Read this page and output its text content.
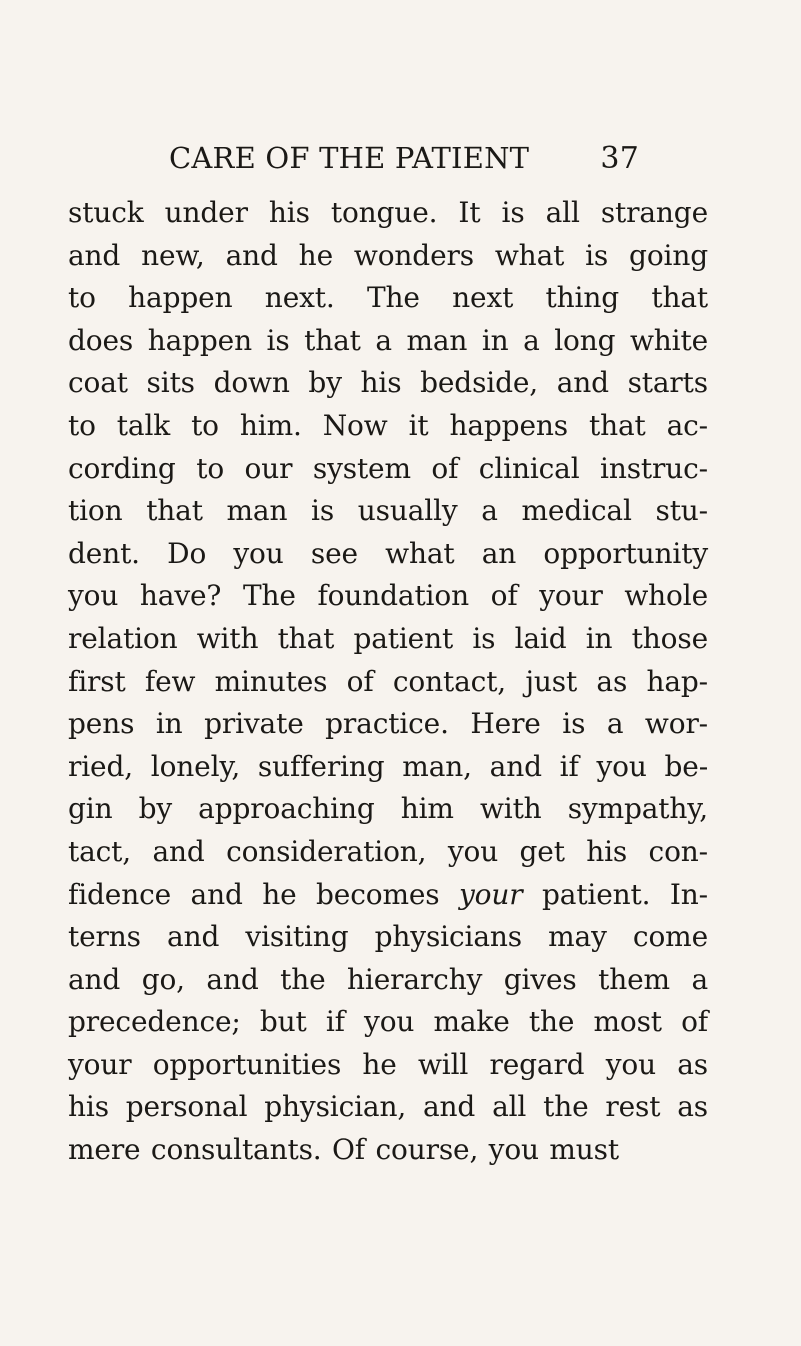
CARE OF THE PATIENT 37
stuck under his tongue. It is all strange
and new, and he wonders what is going
to happen next. The next thing that
does happen is that a man in a long white
coat sits down by his bedside, and starts
to talk to him. Now it happens that ac-
cording to our system of clinical instruc-
tion that man is usually a medical stu-
dent. Do you see what an opportunity
you have? The foundation of your whole
relation with that patient is laid in those
first few minutes of contact, just as hap-
pens in private practice. Here is a wor-
ried, lonely, suffering man, and if you be-
gin by approaching him with sympathy,
tact, and consideration, you get his con-
fidence and he becomes your patient. In-
terns and visiting physicians may come
and go, and the hierarchy gives them a
precedence; but if you make the most of
your opportunities he will regard you as
his personal physician, and all the rest as
mere consultants. Of course, you must
